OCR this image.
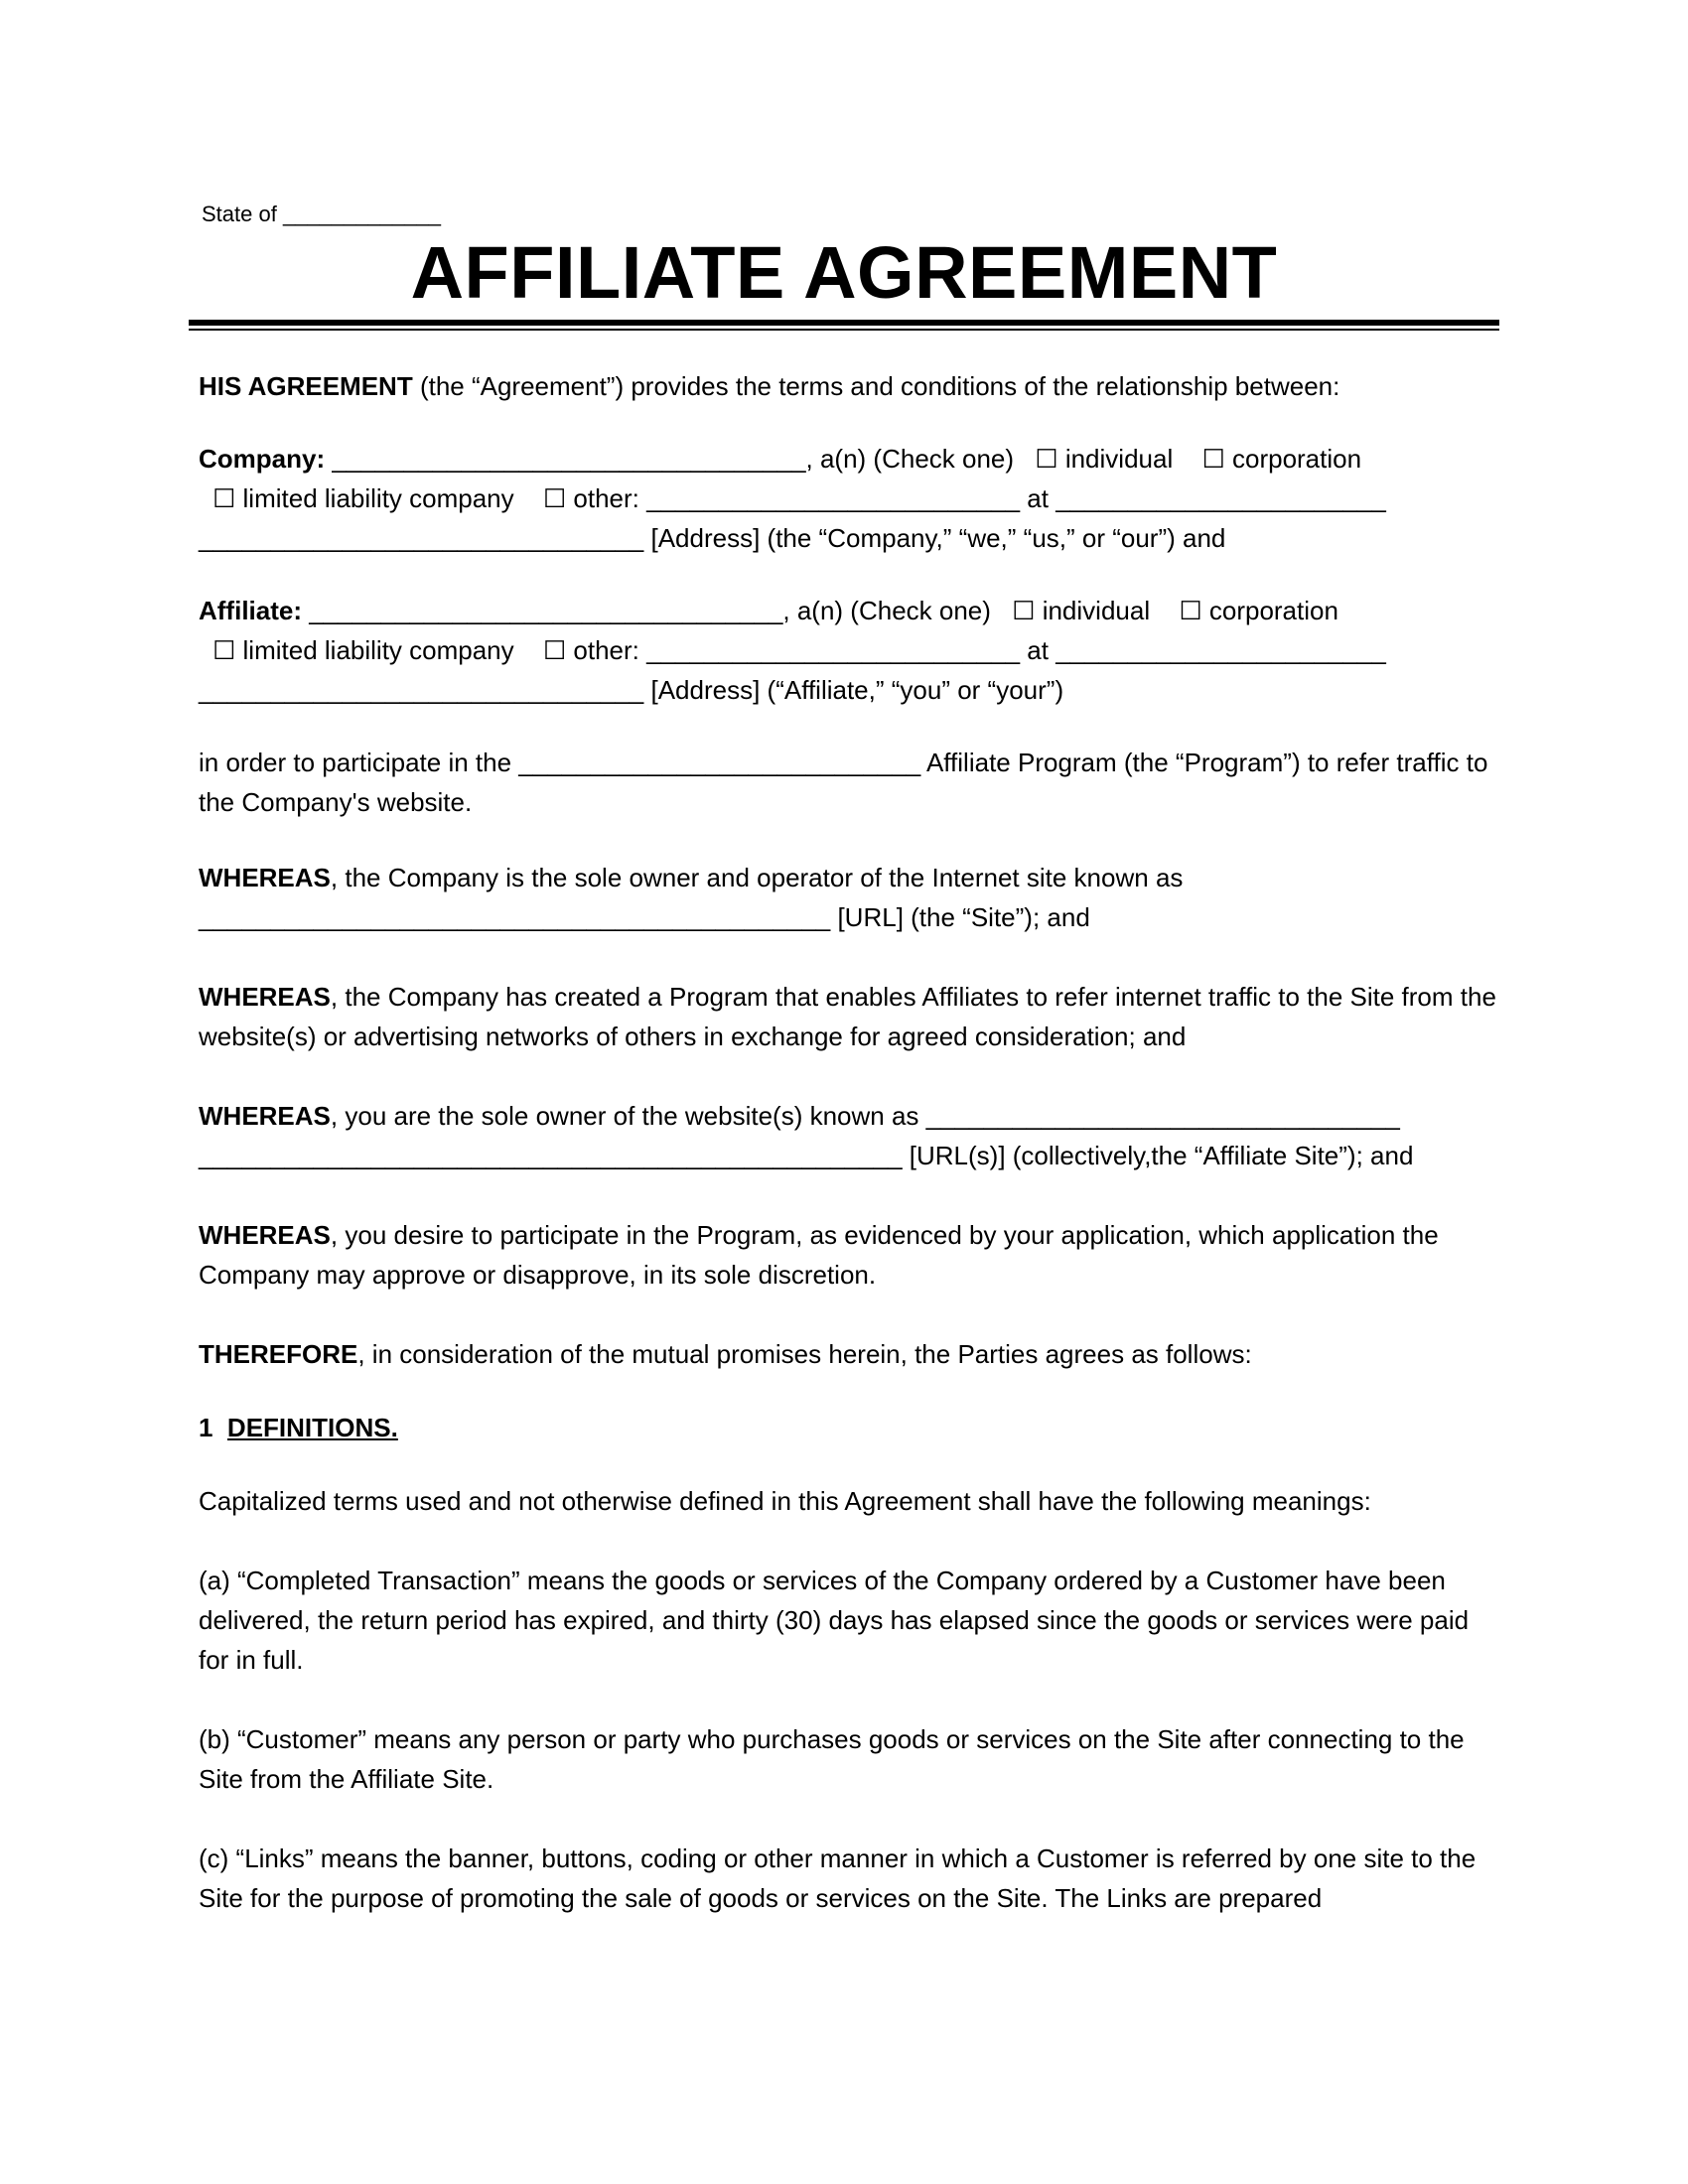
State of _____________
AFFILIATE AGREEMENT

HIS AGREEMENT (the “Agreement”) provides the terms and conditions of the relationship between:

Company: _________________________________, a(n) (Check one) ☐ individual ☐ corporation
☐ limited liability company ☐ other: __________________________ at _______________________
_______________________________ [Address] (the “Company,” “we,” “us,” or “our”) and

Affiliate: _________________________________, a(n) (Check one) ☐ individual ☐ corporation
☐ limited liability company ☐ other: __________________________ at _______________________
_______________________________ [Address] (“Affiliate,” “you” or “your”)

in order to participate in the ____________________________ Affiliate Program (the “Program”) to refer traffic to the Company's website.

WHEREAS, the Company is the sole owner and operator of the Internet site known as
____________________________________________ [URL] (the “Site”); and

WHEREAS, the Company has created a Program that enables Affiliates to refer internet traffic to the Site from the website(s) or advertising networks of others in exchange for agreed consideration; and

WHEREAS, you are the sole owner of the website(s) known as _________________________________
_________________________________________________ [URL(s)] (collectively,the “Affiliate Site”); and

WHEREAS, you desire to participate in the Program, as evidenced by your application, which application the Company may approve or disapprove, in its sole discretion.

THEREFORE, in consideration of the mutual promises herein, the Parties agrees as follows:

1 DEFINITIONS.

Capitalized terms used and not otherwise defined in this Agreement shall have the following meanings:

(a) “Completed Transaction” means the goods or services of the Company ordered by a Customer have been delivered, the return period has expired, and thirty (30) days has elapsed since the goods or services were paid for in full.

(b) “Customer” means any person or party who purchases goods or services on the Site after connecting to the Site from the Affiliate Site.

(c) “Links” means the banner, buttons, coding or other manner in which a Customer is referred by one site to the Site for the purpose of promoting the sale of goods or services on the Site. The Links are prepared
